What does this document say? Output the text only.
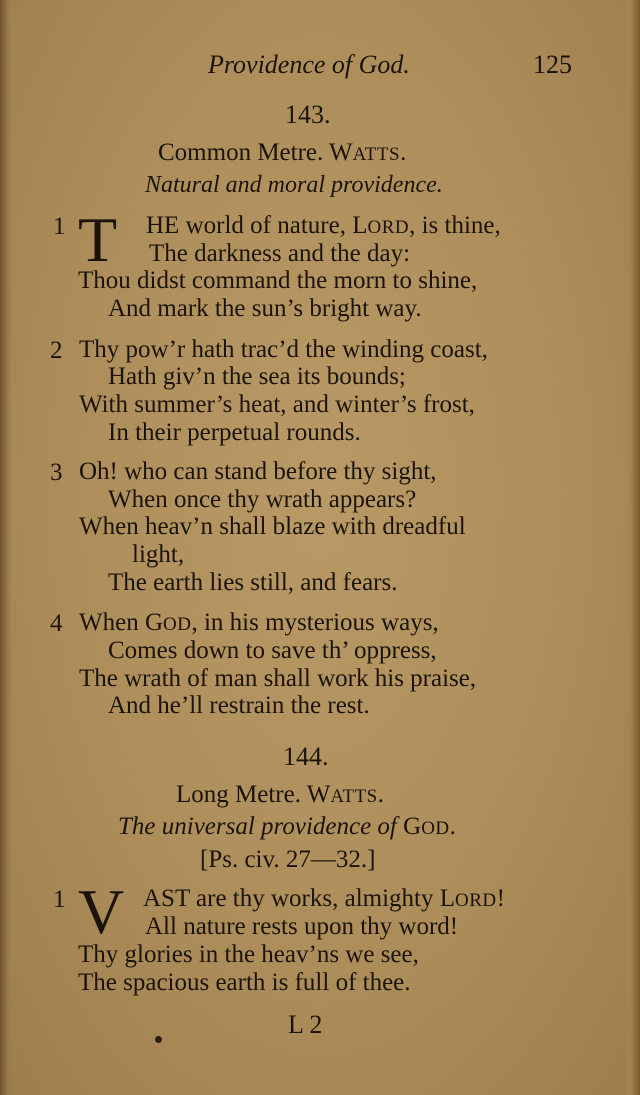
Providence of God.	125
143.
Common Metre. WATTS.
Natural and moral providence.
1 T HE world of nature, LORD, is thine,
The darkness and the day:
Thou didst command the morn to shine,
And mark the sun’s bright way.
2 Thy pow’r hath trac’d the winding coast,
Hath giv’n the sea its bounds;
With summer’s heat, and winter’s frost,
In their perpetual rounds.
3 Oh! who can stand before thy sight,
When once thy wrath appears?
When heav’n shall blaze with dreadful
light,
The earth lies still, and fears.
4 When GOD, in his mysterious ways,
Comes down to save th’ oppress,
The wrath of man shall work his praise,
And he’ll restrain the rest.
144.
Long Metre. WATTS.
The universal providence of GOD.
[Ps. civ. 27—32.]
1 V AST are thy works, almighty LORD!
All nature rests upon thy word!
Thy glories in the heav’ns we see,
The spacious earth is full of thee.
L 2
